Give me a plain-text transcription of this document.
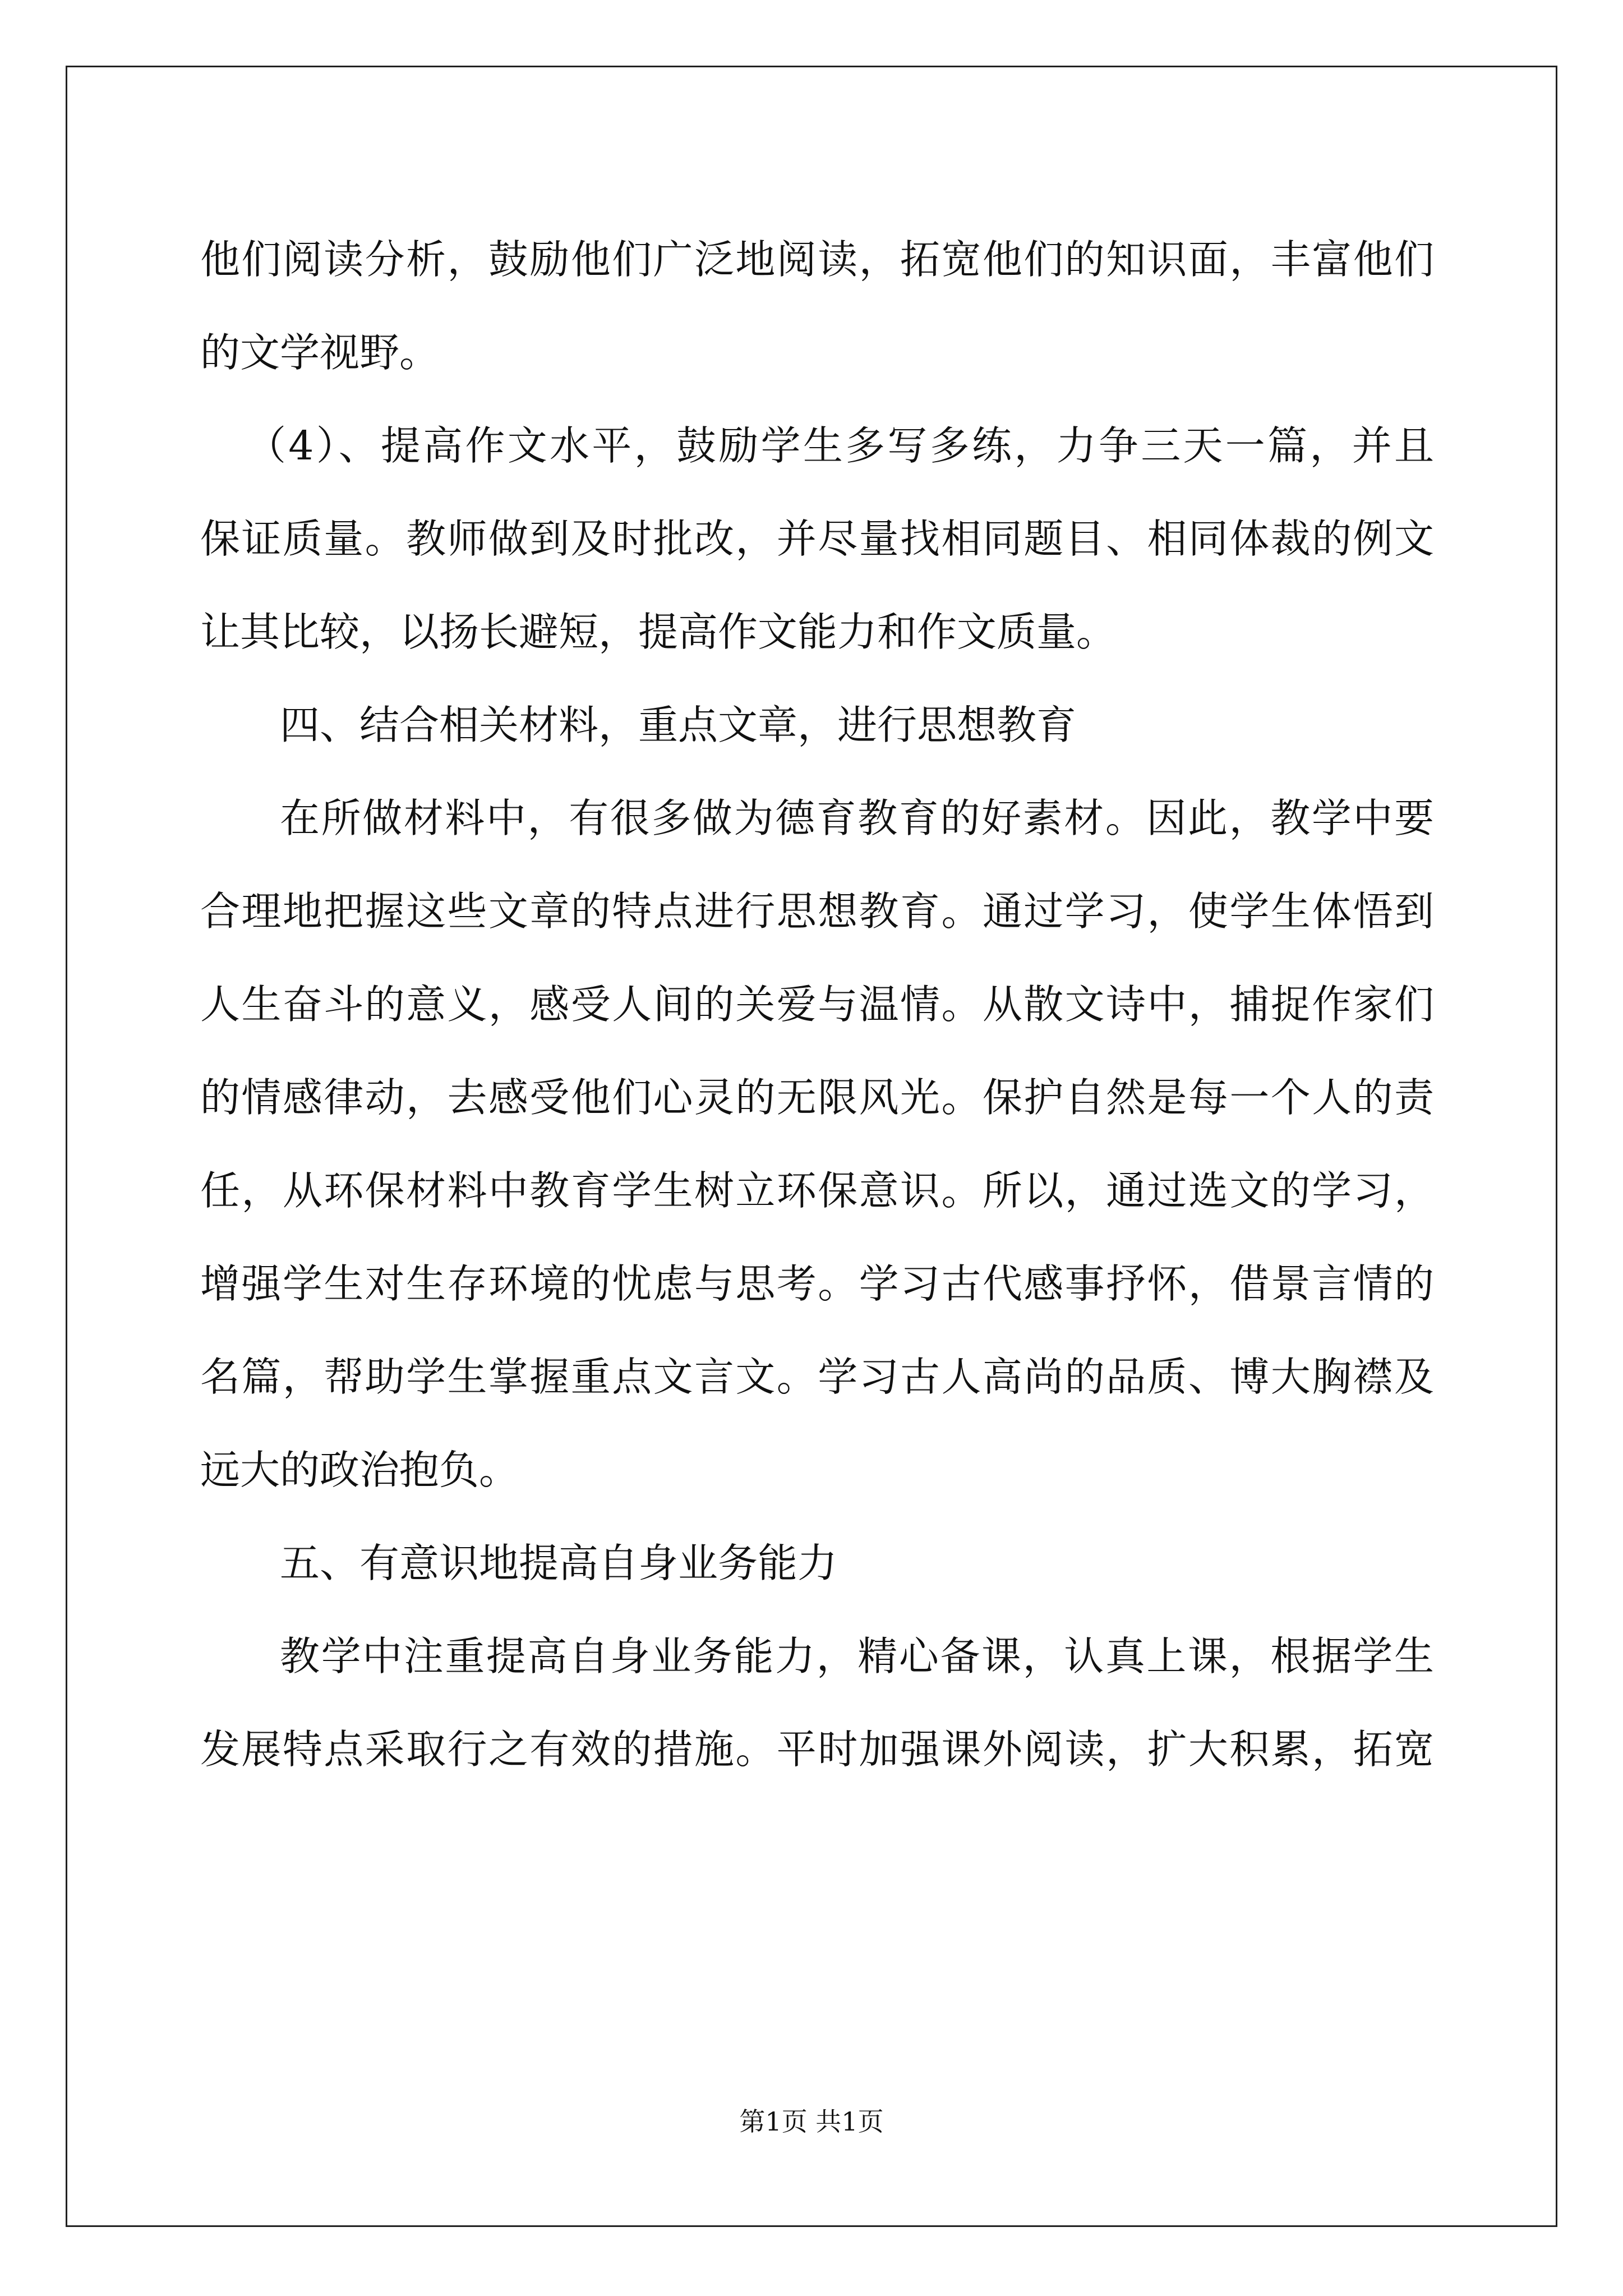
他们阅读分析，鼓励他们广泛地阅读，拓宽他们的知识面，丰富他们
的文学视野。
（4）、提高作文水平，鼓励学生多写多练，力争三天一篇，并且
保证质量。教师做到及时批改，并尽量找相同题目、相同体裁的例文
让其比较，以扬长避短，提高作文能力和作文质量。
四、结合相关材料，重点文章，进行思想教育
在所做材料中，有很多做为德育教育的好素材。因此，教学中要
合理地把握这些文章的特点进行思想教育。通过学习，使学生体悟到
人生奋斗的意义，感受人间的关爱与温情。从散文诗中，捕捉作家们
的情感律动，去感受他们心灵的无限风光。保护自然是每一个人的责
任，从环保材料中教育学生树立环保意识。所以，通过选文的学习，
增强学生对生存环境的忧虑与思考。学习古代感事抒怀，借景言情的
名篇，帮助学生掌握重点文言文。学习古人高尚的品质、博大胸襟及
远大的政治抱负。
五、有意识地提高自身业务能力
教学中注重提高自身业务能力，精心备课，认真上课，根据学生
发展特点采取行之有效的措施。平时加强课外阅读，扩大积累，拓宽
第1页 共1页
